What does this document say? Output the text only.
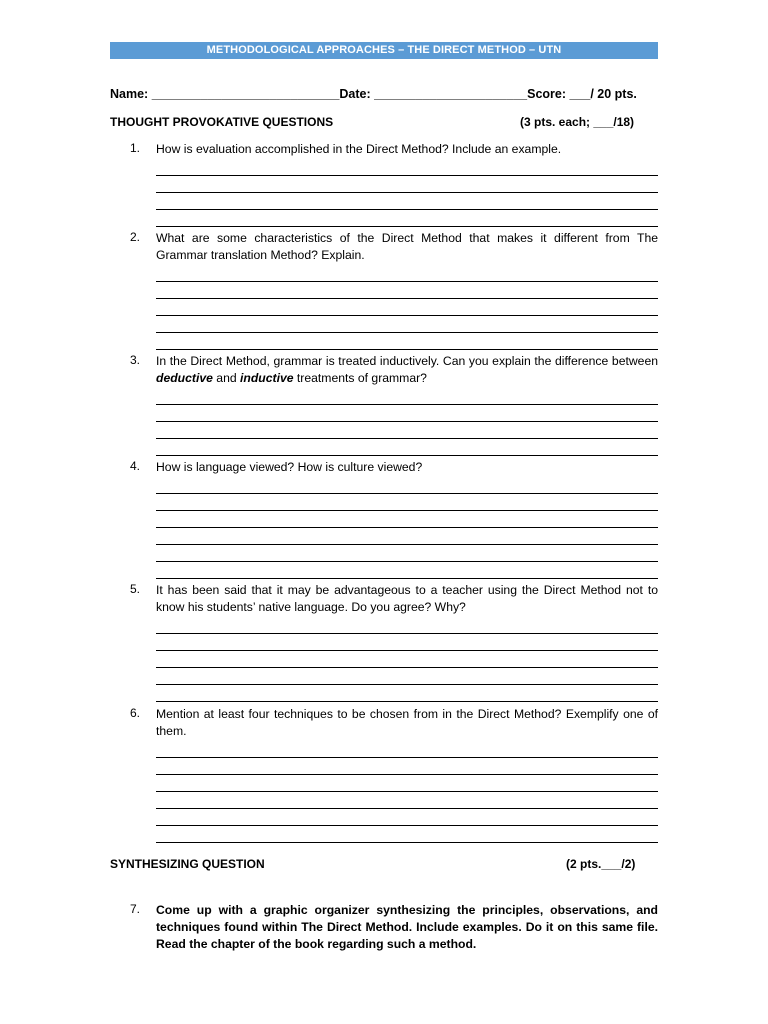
METHODOLOGICAL APPROACHES – THE DIRECT METHOD – UTN
Name: ___________________________Date: ______________________Score: ___/ 20 pts.
THOUGHT PROVOKATIVE QUESTIONS	(3 pts. each; ___/18)
1.	How is evaluation accomplished in the Direct Method? Include an example.
2.	What are some characteristics of the Direct Method that makes it different from The Grammar translation Method? Explain.
3.	In the Direct Method, grammar is treated inductively. Can you explain the difference between deductive and inductive treatments of grammar?
4.	How is language viewed? How is culture viewed?
5.	It has been said that it may be advantageous to a teacher using the Direct Method not to know his students’ native language. Do you agree? Why?
6.	Mention at least four techniques to be chosen from in the Direct Method? Exemplify one of them.
SYNTHESIZING QUESTION	(2 pts.___/2)
7.	Come up with a graphic organizer synthesizing the principles, observations, and techniques found within The Direct Method. Include examples. Do it on this same file. Read the chapter of the book regarding such a method.
